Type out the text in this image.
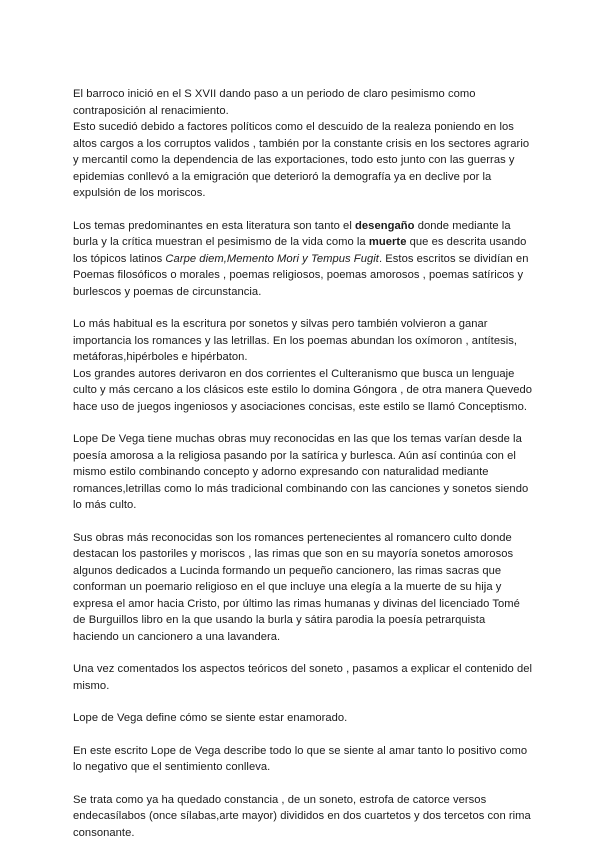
El barroco inició en el S XVII dando paso a un periodo de claro pesimismo como contraposición al renacimiento.
Esto sucedió debido a factores políticos como el descuido de la realeza poniendo en los altos cargos a los corruptos validos , también por la constante crisis en los sectores agrario y mercantil como la dependencia de las exportaciones, todo esto junto con las guerras y epidemias conllevó a la emigración que deterioró la demografía ya en declive por la expulsión de los moriscos.

Los temas predominantes en esta literatura son tanto el desengaño donde mediante la burla y la crítica muestran el pesimismo de la vida como la muerte que es descrita usando los tópicos latinos Carpe diem,Memento Mori y Tempus Fugit. Estos escritos se dividían en Poemas filosóficos o morales , poemas religiosos, poemas amorosos , poemas satíricos y burlescos y poemas de circunstancia.

Lo más habitual es la escritura por sonetos y silvas pero también volvieron a ganar importancia los romances y las letrillas. En los poemas abundan los oxímoron , antítesis, metáforas,hipérboles e hipérbaton.
Los grandes autores derivaron en dos corrientes el Culteranismo que busca un lenguaje culto y más cercano a los clásicos este estilo lo domina Góngora , de otra manera Quevedo hace uso de juegos ingeniosos y asociaciones concisas, este estilo se llamó Conceptismo.

Lope De Vega tiene muchas obras muy reconocidas en las que los temas varían desde la poesía amorosa a la religiosa pasando por la satírica y burlesca. Aún así continúa con el mismo estilo combinando concepto y adorno expresando con naturalidad mediante romances,letrillas como lo más tradicional combinando con las canciones y sonetos siendo lo más culto.

Sus obras más reconocidas son los romances pertenecientes al romancero culto donde destacan los pastoriles y moriscos , las rimas que son en su mayoría sonetos amorosos algunos dedicados a Lucinda formando un pequeño cancionero, las rimas sacras que conforman un poemario religioso en el que incluye una elegía a la muerte de su hija y expresa el amor hacia Cristo, por último las rimas humanas y divinas del licenciado Tomé de Burguillos libro en la que usando la burla y sátira parodia la poesía petrarquista haciendo un cancionero a una lavandera.

Una vez comentados los aspectos teóricos del soneto , pasamos a explicar el contenido del mismo.

Lope de Vega define cómo se siente estar enamorado.

En este escrito Lope de Vega describe todo lo que se siente al amar tanto lo positivo como lo negativo que el sentimiento conlleva.

Se trata como ya ha quedado constancia , de un soneto, estrofa de catorce versos endecasílabos (once sílabas,arte mayor) divididos en dos cuartetos y dos tercetos con rima consonante.
